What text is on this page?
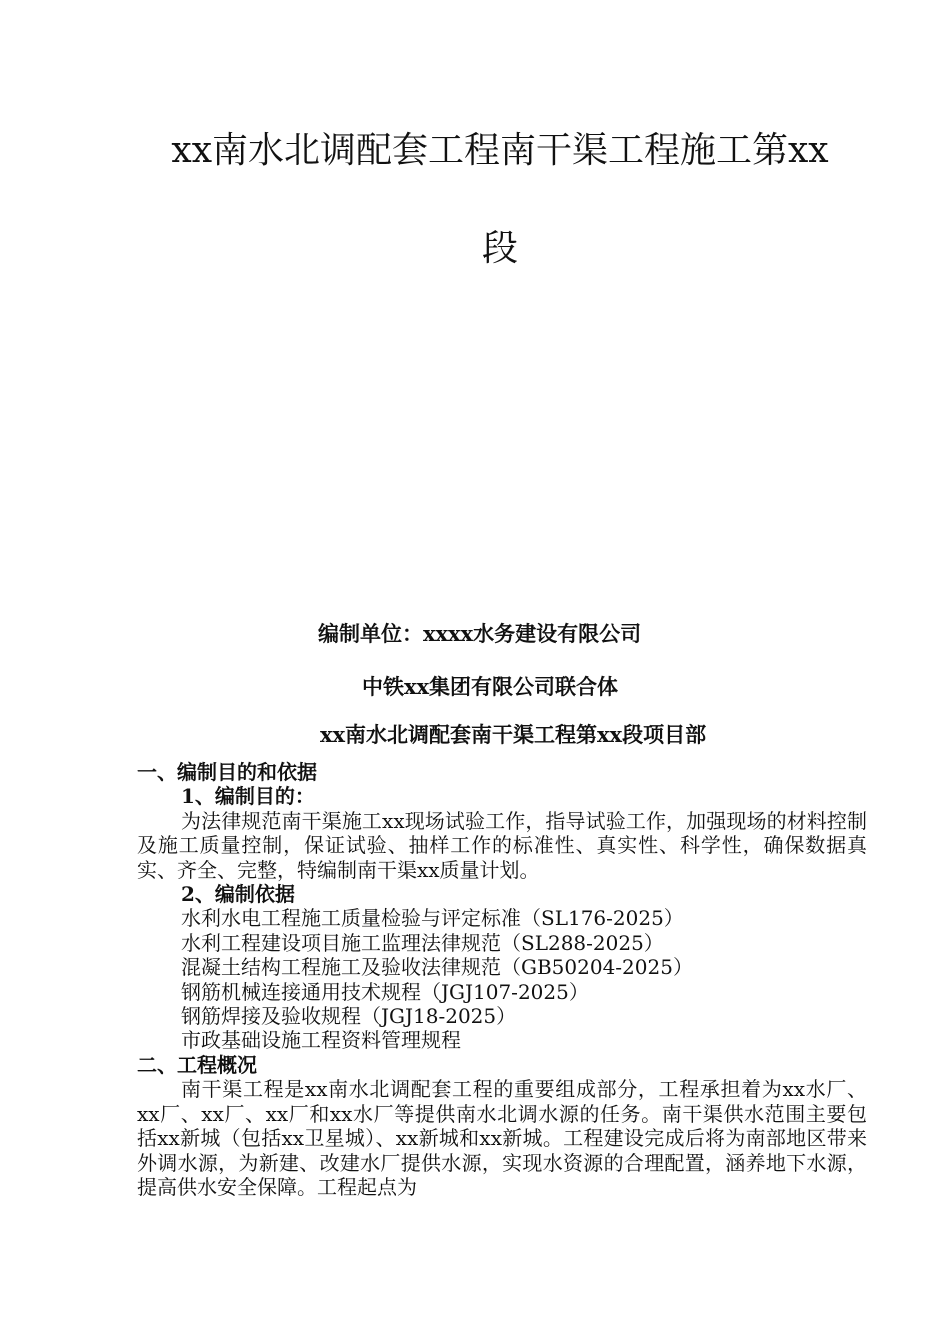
xx南水北调配套工程南干渠工程施工第xx
段
编制单位：xxxx水务建设有限公司
中铁xx集团有限公司联合体
xx南水北调配套南干渠工程第xx段项目部

一、编制目的和依据

1、编制目的：

为法律规范南干渠施工xx现场试验工作，指导试验工作，加强现场的材料控制及施工质量控制，保证试验、抽样工作的标准性、真实性、科学性，确保数据真实、齐全、完整，特编制南干渠xx质量计划。

2、编制依据

水利水电工程施工质量检验与评定标准（SL176-2025）

水利工程建设项目施工监理法律规范（SL288-2025）

混凝土结构工程施工及验收法律规范（GB50204-2025）

钢筋机械连接通用技术规程（JGJ107-2025）

钢筋焊接及验收规程（JGJ18-2025）

市政基础设施工程资料管理规程

二、工程概况

南干渠工程是xx南水北调配套工程的重要组成部分，工程承担着为xx水厂、xx厂、xx厂、xx厂和xx水厂等提供南水北调水源的任务。南干渠供水范围主要包括xx新城（包括xx卫星城）、xx新城和xx新城。工程建设完成后将为南部地区带来外调水源，为新建、改建水厂提供水源，实现水资源的合理配置，涵养地下水源，提高供水安全保障。工程起点为
